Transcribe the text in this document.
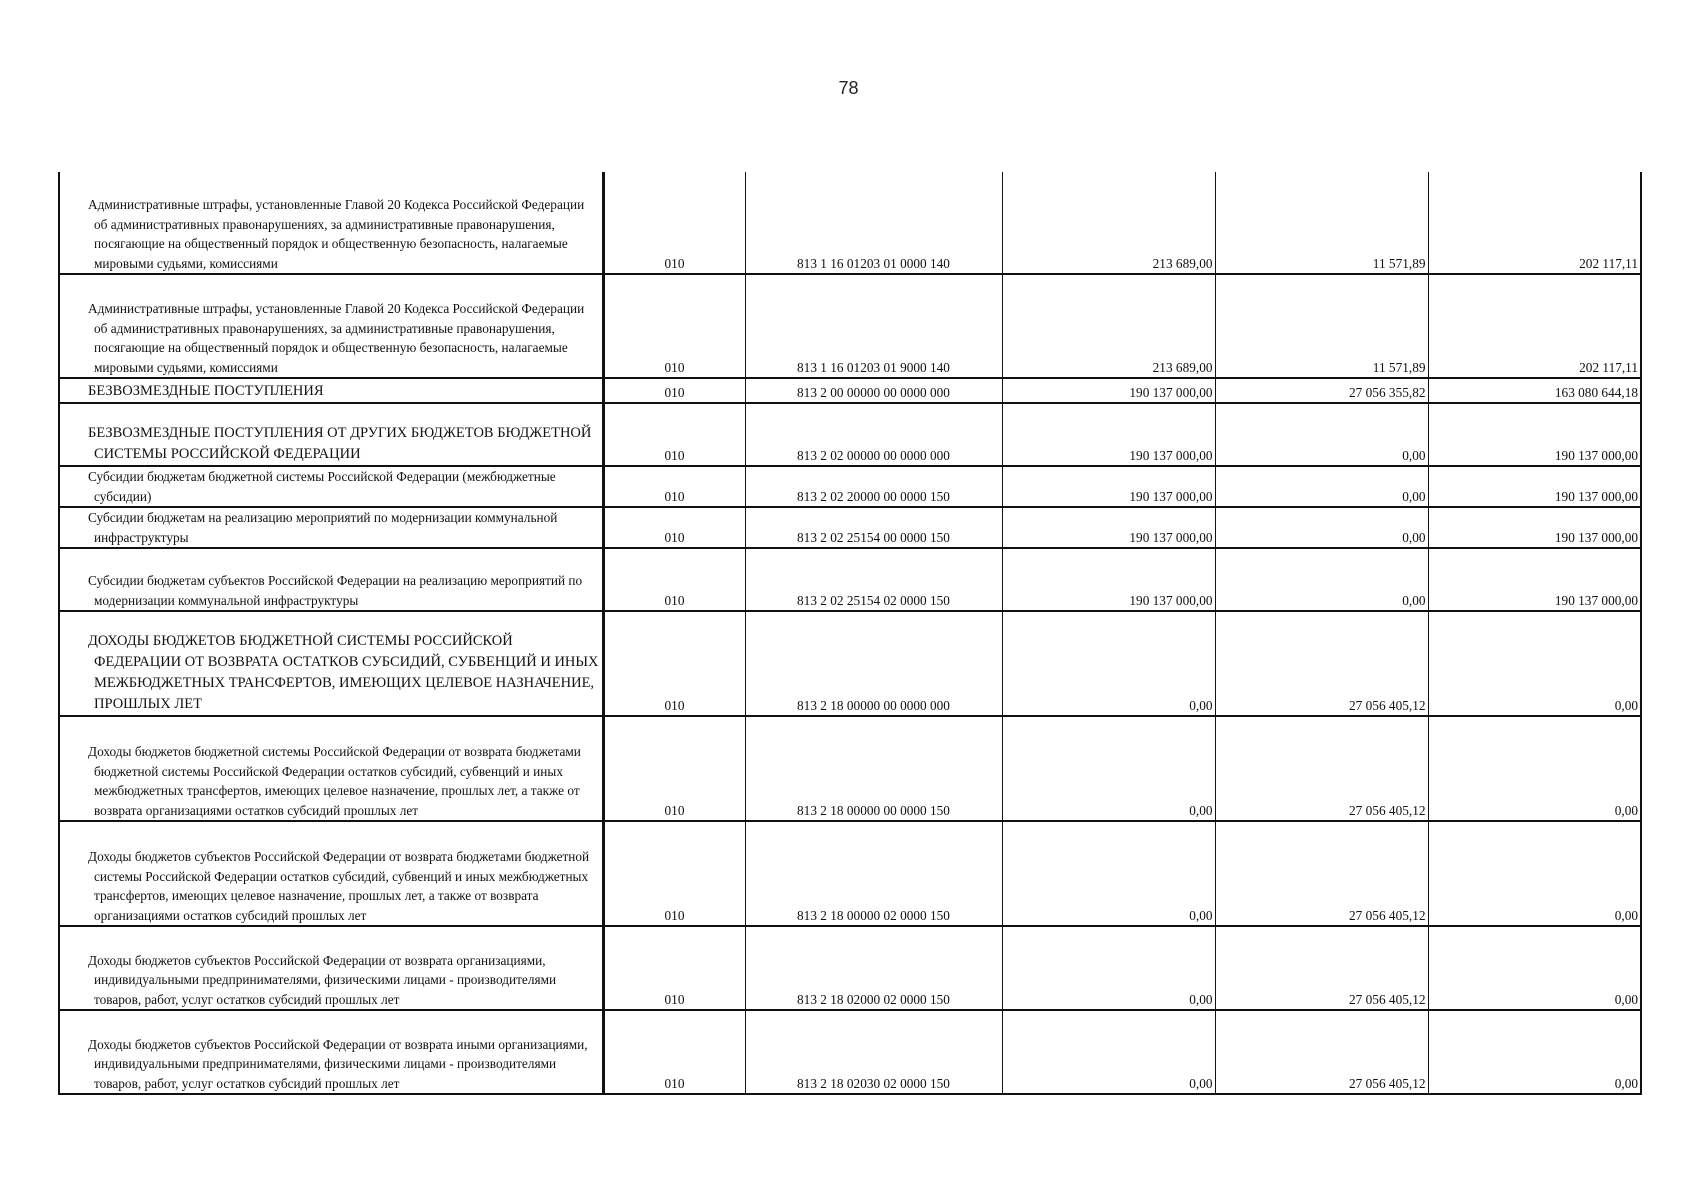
78
Административные штрафы, установленные Главой 20 Кодекса Российской Федерации об административных правонарушениях, за административные правонарушения, посягающие на общественный порядок и общественную безопасность, налагаемые мировыми судьями, комиссиями	010	813 1 16 01203 01 0000 140	213 689,00	11 571,89	202 117,11
Административные штрафы, установленные Главой 20 Кодекса Российской Федерации об административных правонарушениях, за административные правонарушения, посягающие на общественный порядок и общественную безопасность, налагаемые мировыми судьями, комиссиями	010	813 1 16 01203 01 9000 140	213 689,00	11 571,89	202 117,11
БЕЗВОЗМЕЗДНЫЕ ПОСТУПЛЕНИЯ	010	813 2 00 00000 00 0000 000	190 137 000,00	27 056 355,82	163 080 644,18
БЕЗВОЗМЕЗДНЫЕ ПОСТУПЛЕНИЯ ОТ ДРУГИХ БЮДЖЕТОВ БЮДЖЕТНОЙ СИСТЕМЫ РОССИЙСКОЙ ФЕДЕРАЦИИ	010	813 2 02 00000 00 0000 000	190 137 000,00	0,00	190 137 000,00
Субсидии бюджетам бюджетной системы Российской Федерации (межбюджетные субсидии)	010	813 2 02 20000 00 0000 150	190 137 000,00	0,00	190 137 000,00
Субсидии бюджетам на реализацию мероприятий по модернизации коммунальной инфраструктуры	010	813 2 02 25154 00 0000 150	190 137 000,00	0,00	190 137 000,00
Субсидии бюджетам субъектов Российской Федерации на реализацию мероприятий по модернизации коммунальной инфраструктуры	010	813 2 02 25154 02 0000 150	190 137 000,00	0,00	190 137 000,00
ДОХОДЫ БЮДЖЕТОВ БЮДЖЕТНОЙ СИСТЕМЫ РОССИЙСКОЙ ФЕДЕРАЦИИ ОТ ВОЗВРАТА ОСТАТКОВ СУБСИДИЙ, СУБВЕНЦИЙ И ИНЫХ МЕЖБЮДЖЕТНЫХ ТРАНСФЕРТОВ, ИМЕЮЩИХ ЦЕЛЕВОЕ НАЗНАЧЕНИЕ, ПРОШЛЫХ ЛЕТ	010	813 2 18 00000 00 0000 000	0,00	27 056 405,12	0,00
Доходы бюджетов бюджетной системы Российской Федерации от возврата бюджетами бюджетной системы Российской Федерации остатков субсидий, субвенций и иных межбюджетных трансфертов, имеющих целевое назначение, прошлых лет, а также от возврата организациями остатков субсидий прошлых лет	010	813 2 18 00000 00 0000 150	0,00	27 056 405,12	0,00
Доходы бюджетов субъектов Российской Федерации от возврата бюджетами бюджетной системы Российской Федерации остатков субсидий, субвенций и иных межбюджетных трансфертов, имеющих целевое назначение, прошлых лет, а также от возврата организациями остатков субсидий прошлых лет	010	813 2 18 00000 02 0000 150	0,00	27 056 405,12	0,00
Доходы бюджетов субъектов Российской Федерации от возврата организациями, индивидуальными предпринимателями, физическими лицами - производителями товаров, работ, услуг остатков субсидий прошлых лет	010	813 2 18 02000 02 0000 150	0,00	27 056 405,12	0,00
Доходы бюджетов субъектов Российской Федерации от возврата иными организациями, индивидуальными предпринимателями, физическими лицами - производителями товаров, работ, услуг остатков субсидий прошлых лет	010	813 2 18 02030 02 0000 150	0,00	27 056 405,12	0,00
